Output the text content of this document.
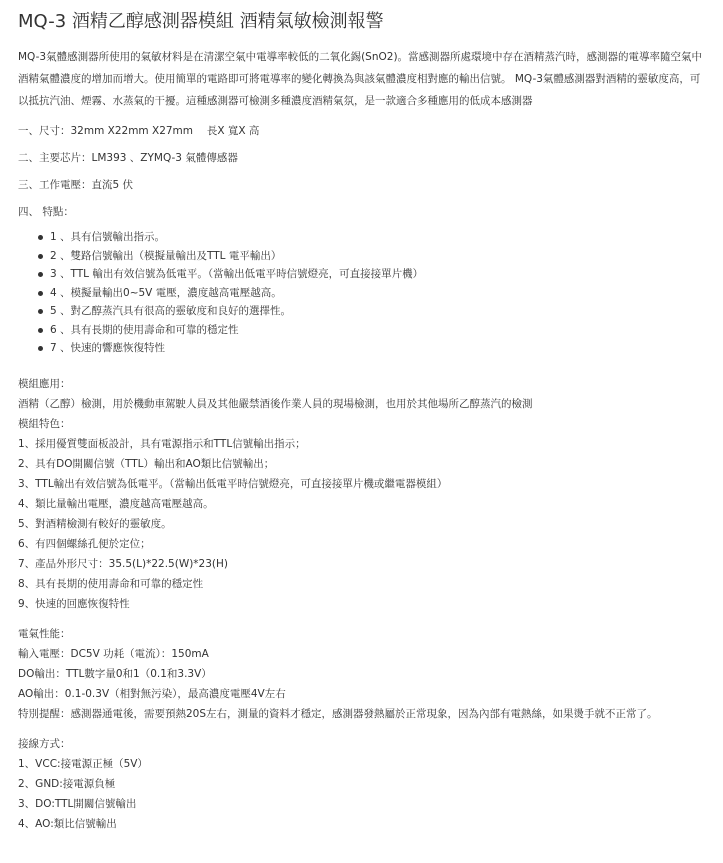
MQ-3 酒精乙醇感測器模組 酒精氣敏檢測報警

MQ-3氣體感測器所使用的氣敏材料是在清潔空氣中電導率較低的二氧化錫(SnO2)。當感測器所處環境中存在酒精蒸汽時，感測器的電導率隨空氣中酒精氣體濃度的增加而增大。使用簡單的電路即可將電導率的變化轉換為與該氣體濃度相對應的輸出信號。 MQ-3氣體感測器對酒精的靈敏度高，可以抵抗汽油、煙霧、水蒸氣的干擾。這種感測器可檢測多種濃度酒精氣氛，是一款適合多種應用的低成本感測器

一、尺寸：32mm X22mm X27mm　 長X 寬X 高

二、主要芯片：LM393 、ZYMQ-3 氣體傳感器

三、工作電壓：直流5 伏

四、 特點：

1 、具有信號輸出指示。
2 、雙路信號輸出（模擬量輸出及TTL 電平輸出）
3 、TTL 輸出有效信號為低電平。（當輸出低電平時信號燈亮，可直接接單片機）
4 、模擬量輸出0~5V 電壓，濃度越高電壓越高。
5 、對乙醇蒸汽具有很高的靈敏度和良好的選擇性。
6 、具有長期的使用壽命和可靠的穩定性
7 、快速的響應恢復特性

模組應用：

酒精（乙醇）檢測，用於機動車駕駛人員及其他嚴禁酒後作業人員的現場檢測，也用於其他場所乙醇蒸汽的檢測

模組特色：

1、採用優質雙面板設計，具有電源指示和TTL信號輸出指示；

2、具有DO開關信號（TTL）輸出和AO類比信號輸出；

3、TTL輸出有效信號為低電平。（當輸出低電平時信號燈亮，可直接接單片機或繼電器模組）

4、類比量輸出電壓，濃度越高電壓越高。

5、對酒精檢測有較好的靈敏度。

6、有四個螺絲孔便於定位；

7、產品外形尺寸：35.5(L)*22.5(W)*23(H)

8、具有長期的使用壽命和可靠的穩定性

9、快速的回應恢復特性

電氣性能：

輸入電壓：DC5V 功耗（電流）：150mA

DO輸出：TTL數字量0和1（0.1和3.3V）

AO輸出：0.1-0.3V（相對無污染），最高濃度電壓4V左右

特別提醒：感測器通電後，需要預熱20S左右，測量的資料才穩定，感測器發熱屬於正常現象，因為內部有電熱絲，如果燙手就不正常了。

接線方式：

1、VCC:接電源正極（5V）

2、GND:接電源負極

3、DO:TTL開關信號輸出

4、AO:類比信號輸出
